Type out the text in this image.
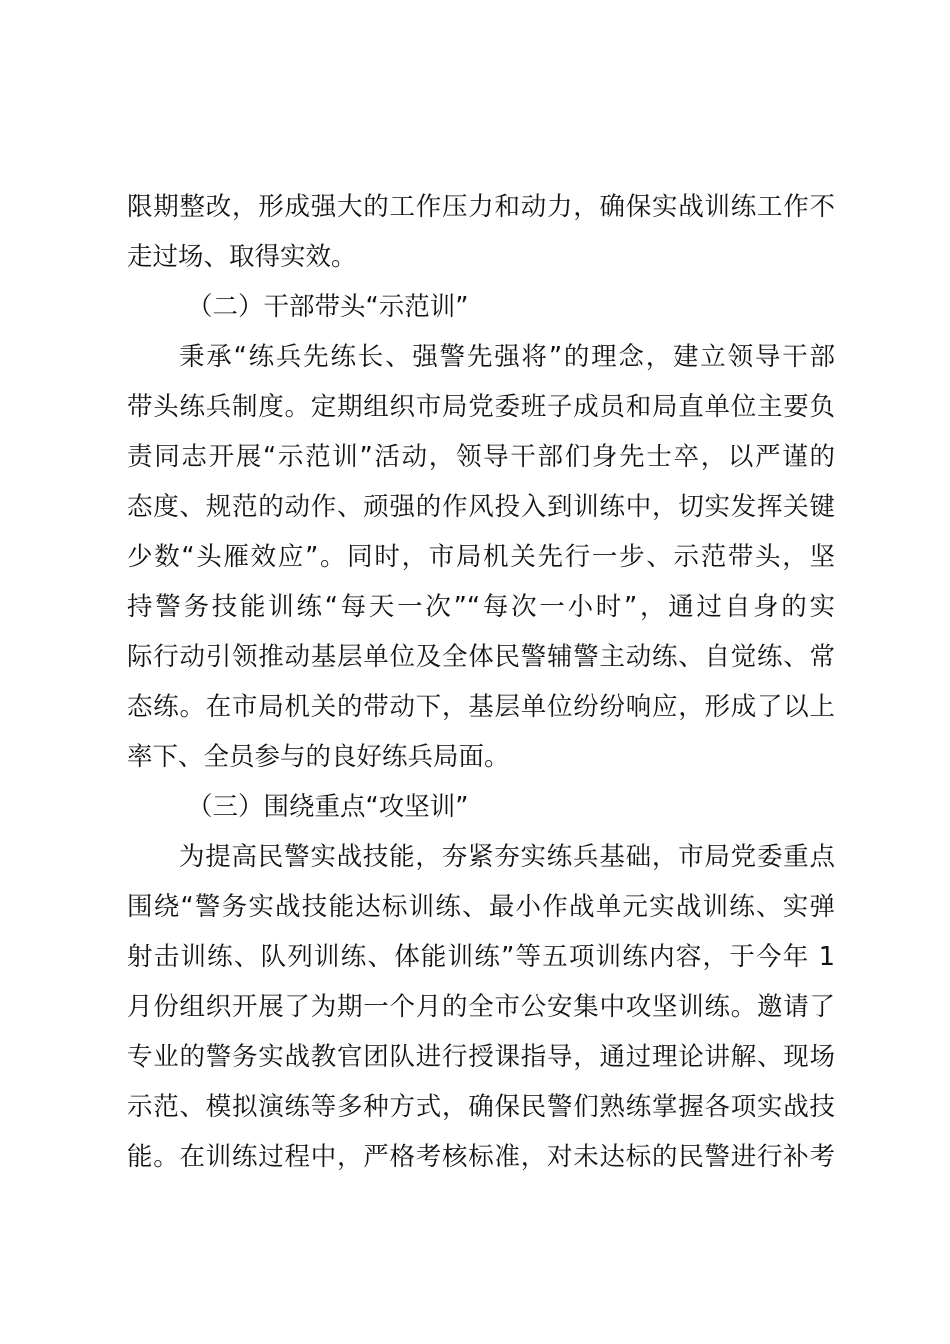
限期整改，形成强大的工作压力和动力，确保实战训练工作不
走过场、取得实效。
（二）干部带头“示范训”
秉承“练兵先练长、强警先强将”的理念，建立领导干部
带头练兵制度。定期组织市局党委班子成员和局直单位主要负
责同志开展“示范训”活动，领导干部们身先士卒，以严谨的
态度、规范的动作、顽强的作风投入到训练中，切实发挥关键
少数“头雁效应”。同时，市局机关先行一步、示范带头，坚
持警务技能训练“每天一次”“每次一小时”，通过自身的实
际行动引领推动基层单位及全体民警辅警主动练、自觉练、常
态练。在市局机关的带动下，基层单位纷纷响应，形成了以上
率下、全员参与的良好练兵局面。
（三）围绕重点“攻坚训”
为提高民警实战技能，夯紧夯实练兵基础，市局党委重点
围绕“警务实战技能达标训练、最小作战单元实战训练、实弹
射击训练、队列训练、体能训练”等五项训练内容，于今年 1
月份组织开展了为期一个月的全市公安集中攻坚训练。邀请了
专业的警务实战教官团队进行授课指导，通过理论讲解、现场
示范、模拟演练等多种方式，确保民警们熟练掌握各项实战技
能。在训练过程中，严格考核标准，对未达标的民警进行补考
